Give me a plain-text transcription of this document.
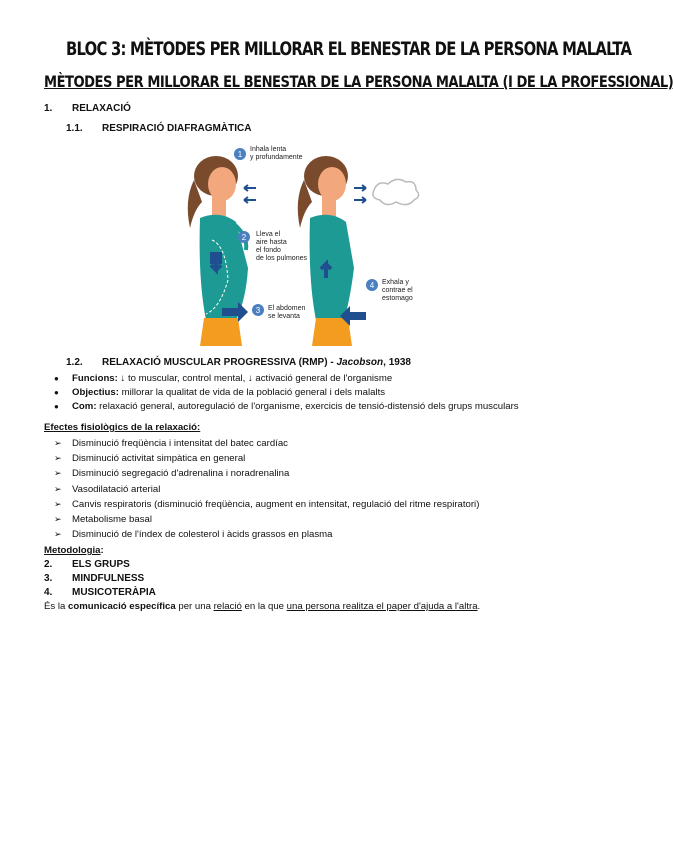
BLOC 3: MÈTODES PER MILLORAR EL BENESTAR DE LA PERSONA MALALTA
MÈTODES PER MILLORAR EL BENESTAR DE LA PERSONA MALALTA (I DE LA PROFESSIONAL)
1. RELAXACIÓ
1.1. RESPIRACIÓ DIAFRAGMÀTICA
1
Inhala lenta
y profundamente
2 Lleva el
aire hasta
el fondo
de los pulmones
3 El abdomen
se levanta
4 Exhala y
contrae el
estomago
1.2. RELAXACIÓ MUSCULAR PROGRESSIVA (RMP) - Jacobson, 1938
● Funcions: ↓ to muscular, control mental, ↓ activació general de l'organisme
● Objectius: millorar la qualitat de vida de la població general i dels malalts
● Com: relaxació general, autoregulació de l'organisme, exercicis de tensió-distensió dels grups musculars
Efectes fisiològics de la relaxació:
➢ Disminució freqüència i intensitat del batec cardíac
➢ Disminució activitat simpàtica en general
➢ Disminució segregació d'adrenalina i noradrenalina
➢ Vasodilatació arterial
➢ Canvis respiratoris (disminució freqüència, augment en intensitat, regulació del ritme respiratori)
➢ Metabolisme basal
➢ Disminució de l'índex de colesterol i àcids grassos en plasma
Metodologia:
2. ELS GRUPS
3. MINDFULNESS
4. MUSICOTERÀPIA
És la comunicació específica per una relació en la que una persona realitza el paper d'ajuda a l'altra.
